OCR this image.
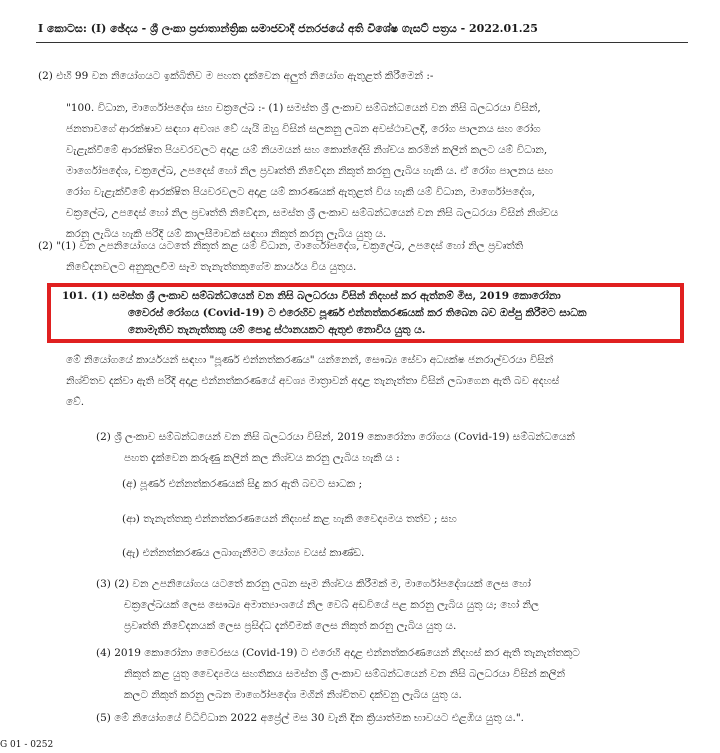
I කොටස: (I) ඡේදය - ශ්‍රී ලංකා ප්‍රජාතාන්ත්‍රික සමාජවාදී ජනරජයේ අති විශේෂ ගැසට් පත්‍රය - 2022.01.25
(2) එහි 99 වන නියෝගයට ඉක්බිතිව ම පහත දැක්වෙන අලුත් නියෝග ඇතුළත් කිරීමෙන් :-
"100. විධාන, මාර්ගෝපදේශ සහ චක්‍රලේඛ :- (1) සමස්ත ශ්‍රී ලංකාව සම්බන්ධයෙන් වන නිසි බලධරයා විසින්,
ජනතාවගේ ආරක්ෂාව සඳහා අවශ්‍ය වේ යැයි ඔහු විසින් සලකනු ලබන අවස්ථාවලදී, රෝග පාලනය සහ රෝග
වැළැක්වීමේ ආරක්ෂිත පියවරවලට අදාළ යම් නියමයන් සහ කොන්දේසි නිශ්චය කරමින් කලින් කලට යම් විධාන,
මාර්ගෝපදේශ, චක්‍රලේඛ, උපදෙස් හෝ නිල ප්‍රවෘත්ති නිවේදන නිකුත් කරනු ලැබිය හැකි ය. ඒ රෝග පාලනය සහ
රෝග වැළැක්වීමේ ආරක්ෂිත පියවරවලට අදාළ යම් කාරණයක් ඇතුළත් විය හැකි යම් විධාන, මාර්ගෝපදේශ,
චක්‍රලේඛ, උපදෙස් හෝ නිල ප්‍රවෘත්ති නිවේදන, සමස්ත ශ්‍රී ලංකාව සම්බන්ධයෙන් වන නිසි බලධරයා විසින් නිශ්චය
කරනු ලැබිය හැකි පරිදි යම් කාලසීමාවක් සඳහා නිකුත් කරනු ලැබිය යුතු ය.
(2) "(1) වන උපනියෝගය යටතේ නිකුත් කළ යම් විධාන, මාර්ගෝපදේශ, චක්‍රලේඛ, උපදෙස් හෝ නිල ප්‍රවෘත්ති
නිවේදනවලට අනුකූලවීම සෑම තැනැත්තකුගේම කාර්යය විය යුතුය.
101. (1) සමස්ත ශ්‍රී ලංකාව සම්බන්ධයෙන් වන නිසි බලධරයා විසින් නිදහස් කර ඇත්නම් මිස, 2019 කොරෝනා
වෛරස් රෝගය (Covid-19) ට එරෙහිව පූර්ණ එන්නත්කරණයක් කර තිබෙන බව ඔප්පු කිරීමට සාධක
නොමැතිව තැනැත්තකු යම් පොදු ස්ථානයකට ඇතුළු නොවිය යුතු ය.
මේ නියෝගයේ කාර්යයන් සඳහා "පූර්ණ එන්නත්කරණය" යන්නෙන්, සෞඛ්‍ය සේවා අධ්‍යක්ෂ ජනරාල්වරයා විසින්
නිශ්චිතව දක්වා ඇති පරිදි අදාළ එන්නත්කරණයේ අවශ්‍ය මාත්‍රාවන් අදාළ තැනැත්තා විසින් ලබාගෙන ඇති බව අදහස්
වේ.
(2) ශ්‍රී ලංකාව සම්බන්ධයෙන් වන නිසි බලධරයා විසින්, 2019 කොරෝනා රෝගය (Covid-19) සම්බන්ධයෙන්
පහත දැක්වෙන කරුණු කලින් කල නිශ්චය කරනු ලැබිය හැකි ය :
(අ) පූර්ණ එන්නත්කරණයක් සිදු කර ඇති බවට සාධක ;
(ආ) තැනැත්තකු එන්නත්කරණයෙන් නිදහස් කළ හැකි වෛද්‍යමය තත්ව ; සහ
(ඇ) එන්නත්කරණය ලබාගැනීමට යෝග්‍ය වයස් කාණ්ඩ.
(3) (2) වන උපනියෝගය යටතේ කරනු ලබන සෑම නිශ්චය කිරීමක් ම, මාර්ගෝපදේශයක් ලෙස හෝ
චක්‍රලේඛයක් ලෙස සෞඛ්‍ය අමාත්‍යාංශයේ නිල වෙබ් අඩවියේ පළ කරනු ලැබිය යුතු ය; හෝ නිල
ප්‍රවෘත්ති නිවේදනයක් ලෙස ප්‍රසිද්ධ දැන්වීමක් ලෙස නිකුත් කරනු ලැබිය යුතු ය.
(4) 2019 කොරෝනා වෛරසය (Covid-19) ට එරෙහි අදාළ එන්නත්කරණයෙන් නිදහස් කර ඇති තැනැත්තකුට
නිකුත් කළ යුතු වෛද්‍යමය සහතිකය සමස්ත ශ්‍රී ලංකාව සම්බන්ධයෙන් වන නිසි බලධරයා විසින් කලින්
කලට නිකුත් කරනු ලබන මාර්ගෝපදේශ මගින් නිශ්චිතව දක්වනු ලැබිය යුතු ය.
(5) මේ නියෝගයේ විධිවිධාන 2022 අප්‍රේල් මස 30 වැනි දින ක්‍රියාත්මක භාවයට එළඹිය යුතු ය.".
G 01 - 0252
